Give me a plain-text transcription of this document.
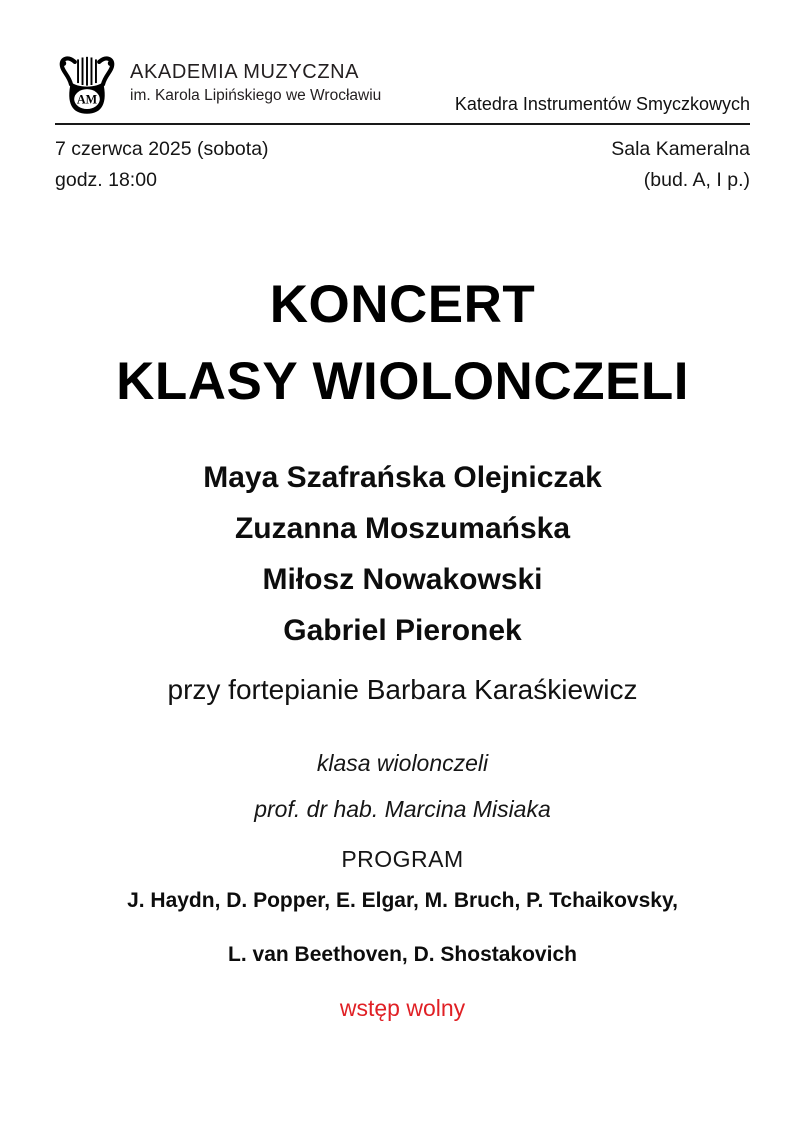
AM
AKADEMIA MUZYCZNA
im. Karola Lipińskiego we Wrocławiu	Katedra Instrumentów Smyczkowych
7 czerwca 2025 (sobota)
godz. 18:00
Sala Kameralna
(bud. A, I p.)
KONCERT
KLASY WIOLONCZELI
Maya Szafrańska Olejniczak
Zuzanna Moszumańska
Miłosz Nowakowski
Gabriel Pieronek
przy fortepianie Barbara Karaśkiewicz
klasa wiolonczeli
prof. dr hab. Marcina Misiaka
PROGRAM
J. Haydn, D. Popper, E. Elgar, M. Bruch, P. Tchaikovsky,
L. van Beethoven, D. Shostakovich
wstęp wolny
